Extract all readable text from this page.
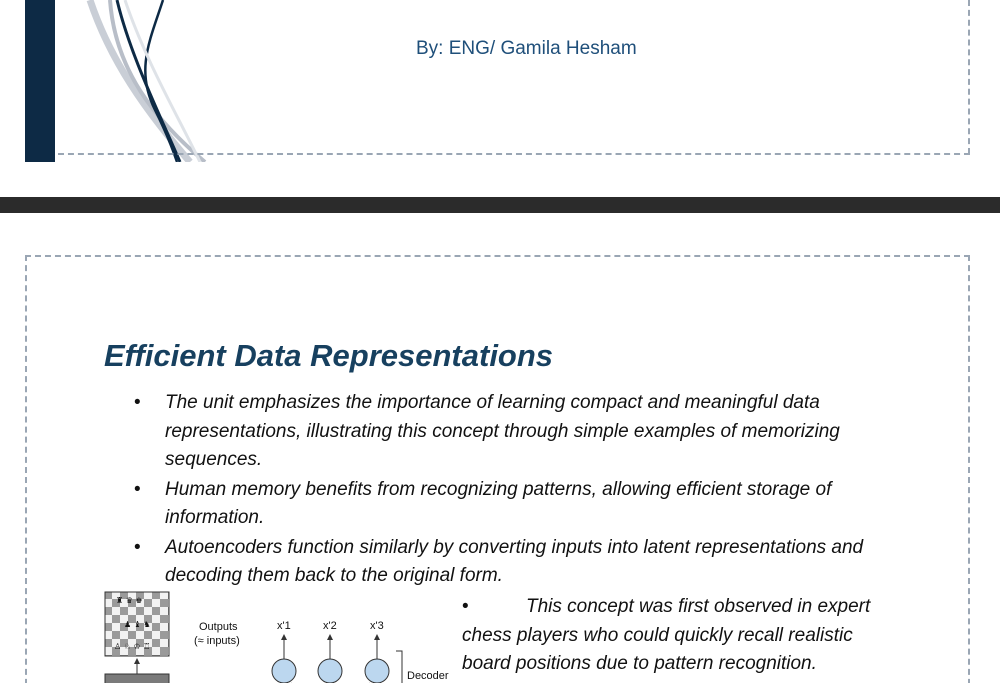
By: ENG/ Gamila Hesham
Efficient Data Representations
• The unit emphasizes the importance of learning compact and meaningful data representations, illustrating this concept through simple examples of memorizing sequences.
• Human memory benefits from recognizing patterns, allowing efficient storage of information.
• Autoencoders function similarly by converting inputs into latent representations and decoding them back to the original form.
♜ ♛ ♚
♟ ♝ ♞
♙ ♘ ♔ ♖
Outputs
(≈ inputs)
x'1	x'2	x'3
Decoder

•	This concept was first observed in expert chess players who could quickly recall realistic board positions due to pattern recognition.
